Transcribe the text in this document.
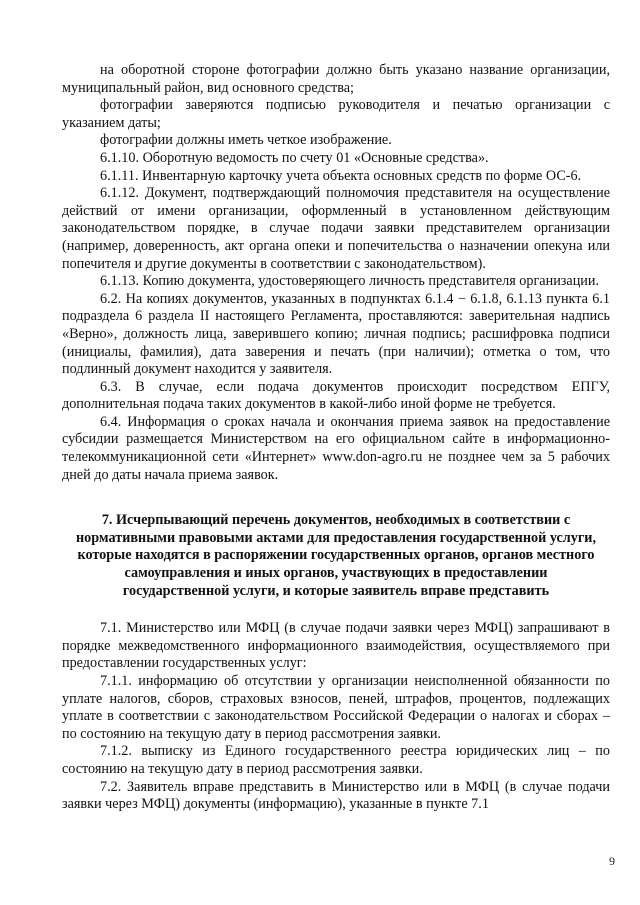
на оборотной стороне фотографии должно быть указано название организации, муниципальный район, вид основного средства;

фотографии заверяются подписью руководителя и печатью организации с указанием даты;

фотографии должны иметь четкое изображение.

6.1.10. Оборотную ведомость по счету 01 «Основные средства».

6.1.11. Инвентарную карточку учета объекта основных средств по форме ОС-6.

6.1.12. Документ, подтверждающий полномочия представителя на осуществление действий от имени организации, оформленный в установленном действующим законодательством порядке, в случае подачи заявки представителем организации (например, доверенность, акт органа опеки и попечительства о назначении опекуна или попечителя и другие документы в соответствии с законодательством).

6.1.13. Копию документа, удостоверяющего личность представителя организации.

6.2. На копиях документов, указанных в подпунктах 6.1.4 − 6.1.8, 6.1.13 пункта 6.1 подраздела 6 раздела II настоящего Регламента, проставляются: заверительная надпись «Верно», должность лица, заверившего копию; личная подпись; расшифровка подписи (инициалы, фамилия), дата заверения и печать (при наличии); отметка о том, что подлинный документ находится у заявителя.

6.3. В случае, если подача документов происходит посредством ЕПГУ, дополнительная подача таких документов в какой-либо иной форме не требуется.

6.4. Информация о сроках начала и окончания приема заявок на предоставление субсидии размещается Министерством на его официальном сайте в информационно-телекоммуникационной сети «Интернет» www.don-agro.ru не позднее чем за 5 рабочих дней до даты начала приема заявок.

7. Исчерпывающий перечень документов, необходимых в соответствии с нормативными правовыми актами для предоставления государственной услуги, которые находятся в распоряжении государственных органов, органов местного самоуправления и иных органов, участвующих в предоставлении государственной услуги, и которые заявитель вправе представить

7.1. Министерство или МФЦ (в случае подачи заявки через МФЦ) запрашивают в порядке межведомственного информационного взаимодействия, осуществляемого при предоставлении государственных услуг:

7.1.1. информацию об отсутствии у организации неисполненной обязанности по уплате налогов, сборов, страховых взносов, пеней, штрафов, процентов, подлежащих уплате в соответствии с законодательством Российской Федерации о налогах и сборах – по состоянию на текущую дату в период рассмотрения заявки.

7.1.2. выписку из Единого государственного реестра юридических лиц – по состоянию на текущую дату в период рассмотрения заявки.

7.2. Заявитель вправе представить в Министерство или в МФЦ (в случае подачи заявки через МФЦ) документы (информацию), указанные в пункте 7.1

9
